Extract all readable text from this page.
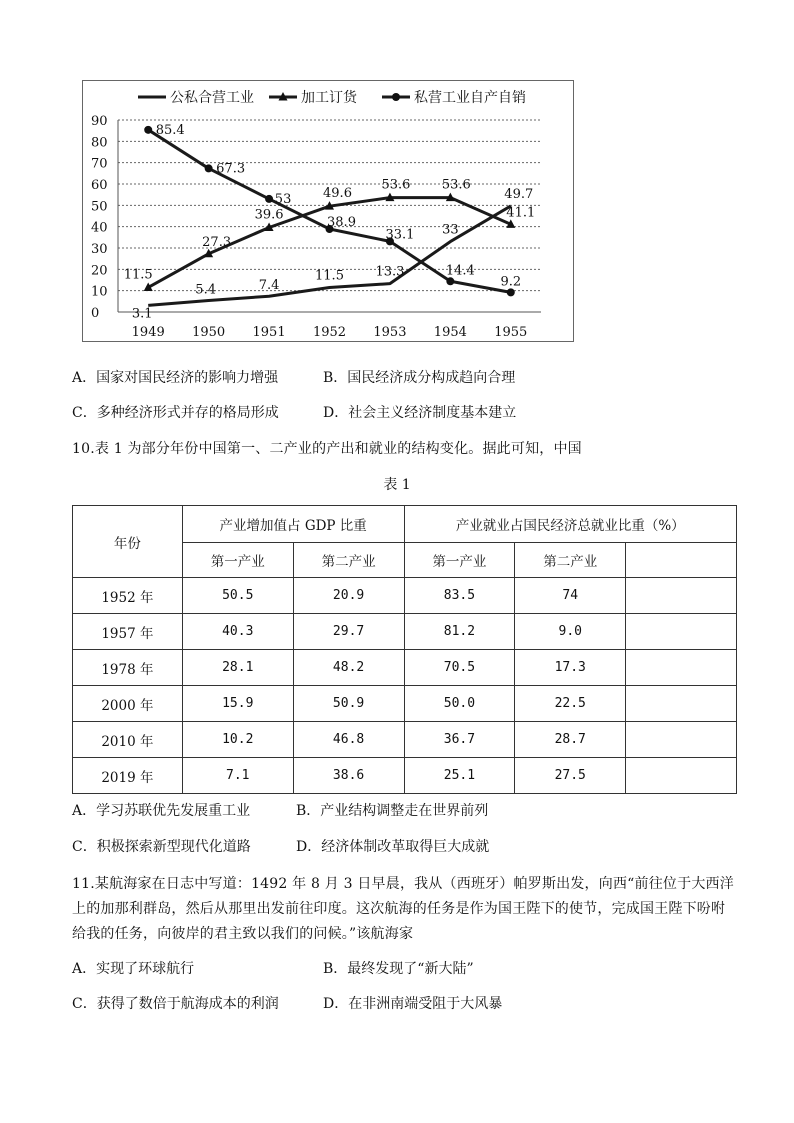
0
10
20
30
40
50
60
70
80
90
1949 1950 1951 1952 1953 1954 1955
3.1
5.4	7.4
11.5 13.3
33
49.7
11.5
27.3
39.6
49.6
53.6 53.6
41.1
85.4
67.3
53
38.9
33.1
14.4
9.2
公私合营工业	加工订货	私营工业自产自销
A．国家对国民经济的影响力增强	B．国民经济成分构成趋向合理
C．多种经济形式并存的格局形成	D．社会主义经济制度基本建立
10.表 1 为部分年份中国第一、二产业的产出和就业的结构变化。据此可知，中国
表 1
年份	产业增加值占 GDP 比重		产业就业占国民经济总就业比重（%）		
	第一产业	第二产业	第一产业	第二产业	
1952 年	50.5	20.9	83.5	74	
1957 年	40.3	29.7	81.2	9.0	
1978 年	28.1	48.2	70.5	17.3	
2000 年	15.9	50.9	50.0	22.5	
2010 年	10.2	46.8	36.7	28.7	
2019 年	7.1	38.6	25.1	27.5	
A．学习苏联优先发展重工业	B．产业结构调整走在世界前列
C．积极探索新型现代化道路	D．经济体制改革取得巨大成就
11.某航海家在日志中写道：1492 年 8 月 3 日早晨，我从（西班牙）帕罗斯出发，向西“前往位于大西洋
上的加那利群岛，然后从那里出发前往印度。这次航海的任务是作为国王陛下的使节，完成国王陛下吩咐
给我的任务，向彼岸的君主致以我们的问候。”该航海家
A．实现了环球航行	B．最终发现了“新大陆”
C．获得了数倍于航海成本的利润	D．在非洲南端受阻于大风暴
